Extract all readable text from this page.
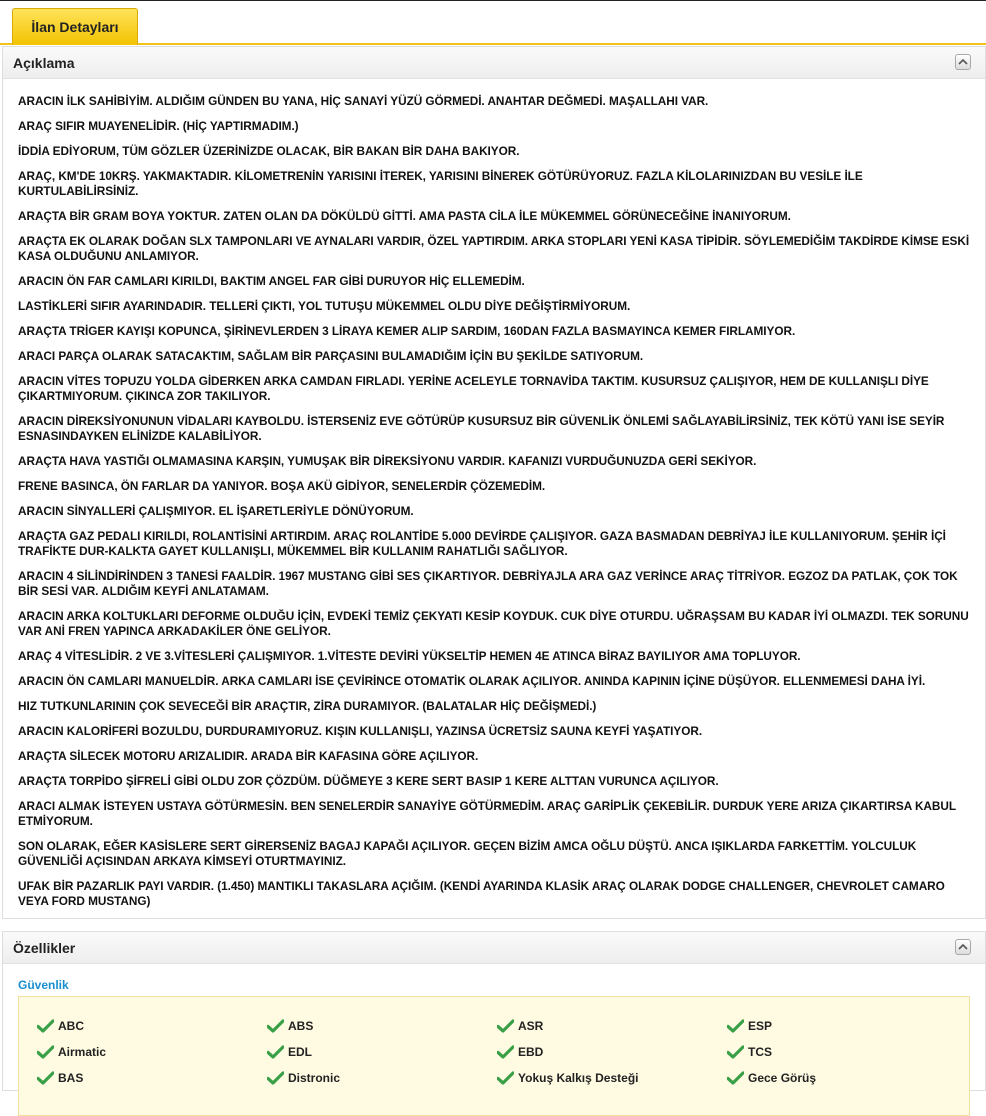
İlan Detayları
Açıklama
ARACIN İLK SAHİBİYİM. ALDIĞIM GÜNDEN BU YANA, HİÇ SANAYİ YÜZÜ GÖRMEDİ. ANAHTAR DEĞMEDİ. MAŞALLAHI VAR.
ARAÇ SIFIR MUAYENELİDİR. (HİÇ YAPTIRMADIM.)
İDDİA EDİYORUM, TÜM GÖZLER ÜZERİNİZDE OLACAK, BİR BAKAN BİR DAHA BAKIYOR.
ARAÇ, KM'DE 10KRŞ. YAKMAKTADIR. KİLOMETRENİN YARISINI İTEREK, YARISINI BİNEREK GÖTÜRÜYORUZ. FAZLA KİLOLARINIZDAN BU VESİLE İLE KURTULABİLİRSİNİZ.
ARAÇTA BİR GRAM BOYA YOKTUR. ZATEN OLAN DA DÖKÜLDÜ GİTTİ. AMA PASTA CİLA İLE MÜKEMMEL GÖRÜNECEĞİNE İNANIYORUM.
ARAÇTA EK OLARAK DOĞAN SLX TAMPONLARI VE AYNALARI VARDIR, ÖZEL YAPTIRDIM. ARKA STOPLARI YENİ KASA TİPİDİR. SÖYLEMEDİĞİM TAKDİRDE KİMSE ESKİ KASA OLDUĞUNU ANLAMIYOR.
ARACIN ÖN FAR CAMLARI KIRILDI, BAKTIM ANGEL FAR GİBİ DURUYOR HİÇ ELLEMEDİM.
LASTİKLERİ SIFIR AYARINDADIR. TELLERİ ÇIKTI, YOL TUTUŞU MÜKEMMEL OLDU DİYE DEĞİŞTİRMİYORUM.
ARAÇTA TRİGER KAYIŞI KOPUNCA, ŞİRİNEVLERDEN 3 LİRAYA KEMER ALIP SARDIM, 160DAN FAZLA BASMAYINCA KEMER FIRLAMIYOR.
ARACI PARÇA OLARAK SATACAKTIM, SAĞLAM BİR PARÇASINI BULAMADIĞIM İÇİN BU ŞEKİLDE SATIYORUM.
ARACIN VİTES TOPUZU YOLDA GİDERKEN ARKA CAMDAN FIRLADI. YERİNE ACELEYLE TORNAVİDA TAKTIM. KUSURSUZ ÇALIŞIYOR, HEM DE KULLANIŞLI DİYE ÇIKARTMIYORUM. ÇIKINCA ZOR TAKILIYOR.
ARACIN DİREKSİYONUNUN VİDALARI KAYBOLDU. İSTERSENİZ EVE GÖTÜRÜP KUSURSUZ BİR GÜVENLİK ÖNLEMİ SAĞLAYABİLİRSİNİZ, TEK KÖTÜ YANI İSE SEYİR ESNASINDAYKEN ELİNİZDE KALABİLİYOR.
ARAÇTA HAVA YASTIĞI OLMAMASINA KARŞIN, YUMUŞAK BİR DİREKSİYONU VARDIR. KAFANIZI VURDUĞUNUZDA GERİ SEKİYOR.
FRENE BASINCA, ÖN FARLAR DA YANIYOR. BOŞA AKÜ GİDİYOR, SENELERDİR ÇÖZEMEDİM.
ARACIN SİNYALLERİ ÇALIŞMIYOR. EL İŞARETLERİYLE DÖNÜYORUM.
ARAÇTA GAZ PEDALI KIRILDI, ROLANTİSİNİ ARTIRDIM. ARAÇ ROLANTİDE 5.000 DEVİRDE ÇALIŞIYOR. GAZA BASMADAN DEBRİYAJ İLE KULLANIYORUM. ŞEHİR İÇİ TRAFİKTE DUR-KALKTA GAYET KULLANIŞLI, MÜKEMMEL BİR KULLANIM RAHATLIĞI SAĞLIYOR.
ARACIN 4 SİLİNDİRİNDEN 3 TANESİ FAALDİR. 1967 MUSTANG GİBİ SES ÇIKARTIYOR. DEBRİYAJLA ARA GAZ VERİNCE ARAÇ TİTRİYOR. EGZOZ DA PATLAK, ÇOK TOK BİR SESİ VAR. ALDIĞIM KEYFİ ANLATAMAM.
ARACIN ARKA KOLTUKLARI DEFORME OLDUĞU İÇİN, EVDEKİ TEMİZ ÇEKYATI KESİP KOYDUK. CUK DİYE OTURDU. UĞRAŞSAM BU KADAR İYİ OLMAZDI. TEK SORUNU VAR ANİ FREN YAPINCA ARKADAKİLER ÖNE GELİYOR.
ARAÇ 4 VİTESLİDİR. 2 VE 3.VİTESLERİ ÇALIŞMIYOR. 1.VİTESTE DEVİRİ YÜKSELTİP HEMEN 4E ATINCA BİRAZ BAYILIYOR AMA TOPLUYOR.
ARACIN ÖN CAMLARI MANUELDİR. ARKA CAMLARI İSE ÇEVİRİNCE OTOMATİK OLARAK AÇILIYOR. ANINDA KAPININ İÇİNE DÜŞÜYOR. ELLENMEMESİ DAHA İYİ.
HIZ TUTKUNLARININ ÇOK SEVECEĞİ BİR ARAÇTIR, ZİRA DURAMIYOR. (BALATALAR HİÇ DEĞİŞMEDİ.)
ARACIN KALORİFERİ BOZULDU, DURDURAMIYORUZ. KIŞIN KULLANIŞLI, YAZINSA ÜCRETSİZ SAUNA KEYFİ YAŞATIYOR.
ARAÇTA SİLECEK MOTORU ARIZALIDIR. ARADA BİR KAFASINA GÖRE AÇILIYOR.
ARAÇTA TORPİDO ŞİFRELİ GİBİ OLDU ZOR ÇÖZDÜM. DÜĞMEYE 3 KERE SERT BASIP 1 KERE ALTTAN VURUNCA AÇILIYOR.
ARACI ALMAK İSTEYEN USTAYA GÖTÜRMESİN. BEN SENELERDİR SANAYİYE GÖTÜRMEDİM. ARAÇ GARİPLİK ÇEKEBİLİR. DURDUK YERE ARIZA ÇIKARTIRSA KABUL ETMİYORUM.
SON OLARAK, EĞER KASİSLERE SERT GİRERSENİZ BAGAJ KAPAĞI AÇILIYOR. GEÇEN BİZİM AMCA OĞLU DÜŞTÜ. ANCA IŞIKLARDA FARKETTİM. YOLCULUK GÜVENLİĞİ AÇISINDAN ARKAYA KİMSEYİ OTURTMAYINIZ.
UFAK BİR PAZARLIK PAYI VARDIR. (1.450) MANTIKLI TAKASLARA AÇIĞIM. (KENDİ AYARINDA KLASİK ARAÇ OLARAK DODGE CHALLENGER, CHEVROLET CAMARO VEYA FORD MUSTANG)
Özellikler
Güvenlik
ABC	ABS	ASR	ESP
Airmatic	EDL	EBD	TCS
BAS	Distronic	Yokuş Kalkış Desteği	Gece Görüş
